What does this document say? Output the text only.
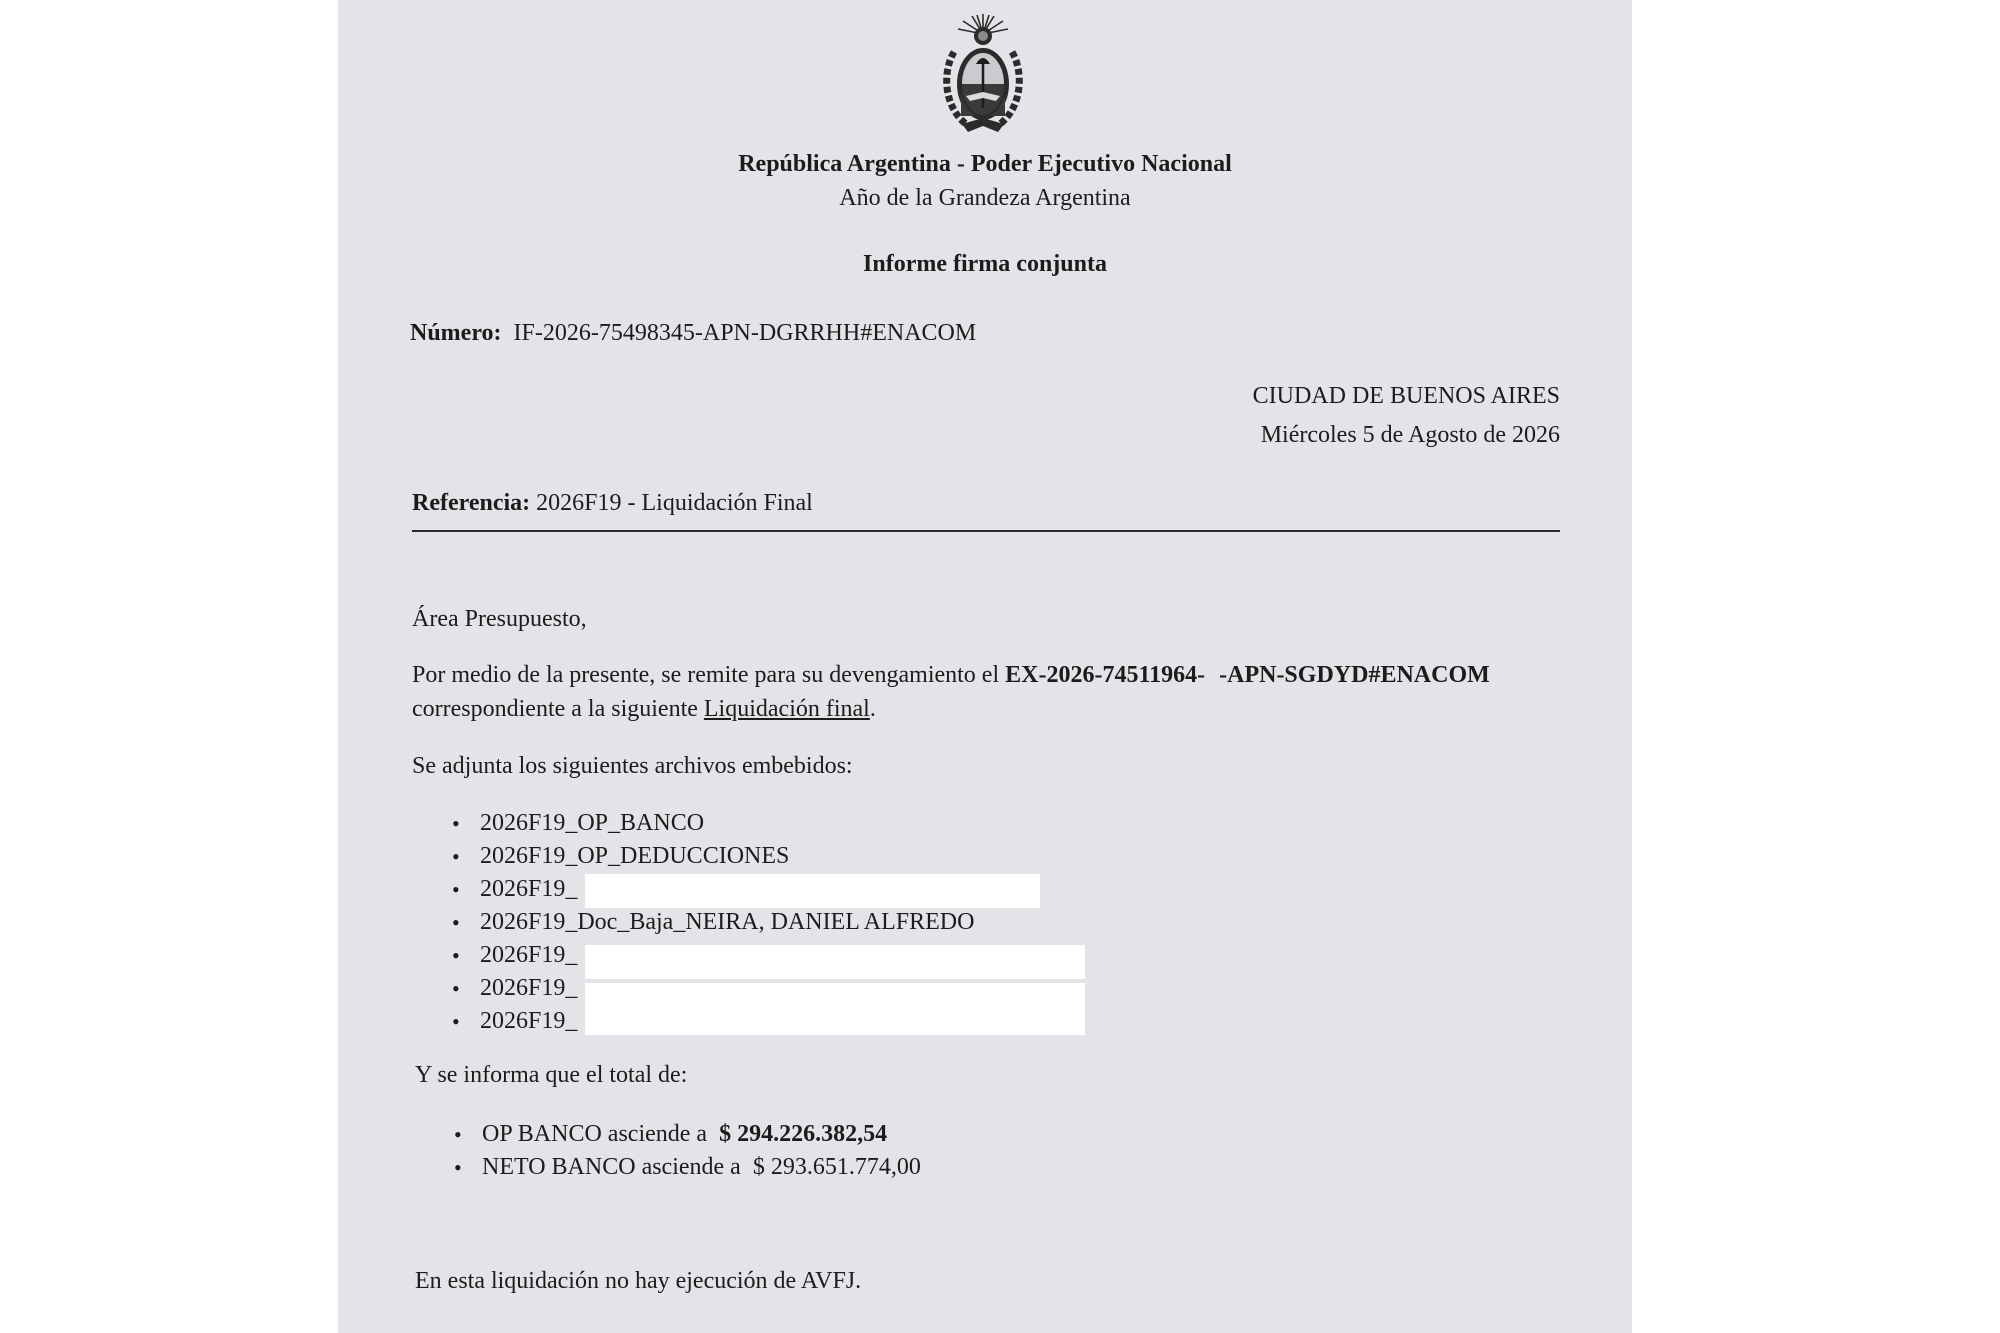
República Argentina - Poder Ejecutivo Nacional
Año de la Grandeza Argentina
Informe firma conjunta
Número: IF-2026-75498345-APN-DGRRHH#ENACOM
CIUDAD DE BUENOS AIRES
Miércoles 5 de Agosto de 2026
Referencia: 2026F19 - Liquidación Final
Área Presupuesto,
Por medio de la presente, se remite para su devengamiento el EX-2026-74511964- -APN-SGDYD#ENACOM
correspondiente a la siguiente Liquidación final.
Se adjunta los siguientes archivos embebidos:
• 2026F19_OP_BANCO
• 2026F19_OP_DEDUCCIONES
• 2026F19_
• 2026F19_Doc_Baja_NEIRA, DANIEL ALFREDO
• 2026F19_
• 2026F19_
• 2026F19_
Y se informa que el total de:
• OP BANCO asciende a $ 294.226.382,54
• NETO BANCO asciende a $ 293.651.774,00
En esta liquidación no hay ejecución de AVFJ.
